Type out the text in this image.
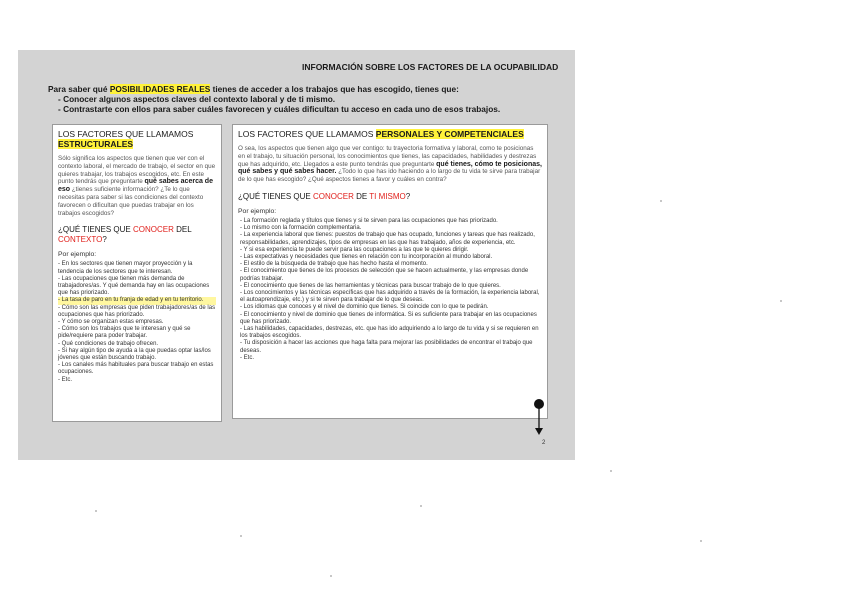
INFORMACIÓN SOBRE LOS FACTORES DE LA OCUPABILIDAD
Para saber qué POSIBILIDADES REALES tienes de acceder a los trabajos que has escogido, tienes que:
- Conocer algunos aspectos claves del contexto laboral y de ti mismo.
- Contrastarte con ellos para saber cuáles favorecen y cuáles dificultan tu acceso en cada uno de esos trabajos.
LOS FACTORES QUE LLAMAMOS ESTRUCTURALES
Sólo significa los aspectos que tienen que ver con el contexto laboral, el mercado de trabajo, el sector en que quieres trabajar, los trabajos escogidos, etc. En este punto tendrás que preguntarte qué sabes acerca de eso ¿tienes suficiente información? ¿Te lo que necesitas para saber si las condiciones del contexto favorecen o dificultan que puedas trabajar en los trabajos escogidos?
¿QUÉ TIENES QUE CONOCER DEL CONTEXTO?
Por ejemplo:
- En los sectores que tienen mayor proyección y la tendencia de los sectores que te interesan.
- Las ocupaciones que tienen más demanda de trabajadores/as. Y qué demanda hay en las ocupaciones que has priorizado.
- La tasa de paro en tu franja de edad y en tu territorio.
- Cómo son las empresas que piden trabajadores/as de las ocupaciones que has priorizado.
- Y cómo se organizan estas empresas.
- Cómo son los trabajos que te interesan y qué se pide/requiere para poder trabajar.
- Qué condiciones de trabajo ofrecen.
- Si hay algún tipo de ayuda a la que puedas optar las/los jóvenes que están buscando trabajo.
- Los canales más habituales para buscar trabajo en estas ocupaciones.
- Etc.
LOS FACTORES QUE LLAMAMOS PERSONALES Y COMPETENCIALES
O sea, los aspectos que tienen algo que ver contigo: tu trayectoria formativa y laboral, como te posicionas en el trabajo, tu situación personal, los conocimientos que tienes, las capacidades, habilidades y destrezas que has adquirido, etc. Llegados a este punto tendrás que preguntarte qué tienes, cómo te posicionas, qué sabes y qué sabes hacer. ¿Todo lo que has ido haciendo a lo largo de tu vida te sirve para trabajar de lo que has escogido? ¿Qué aspectos tienes a favor y cuáles en contra?
¿QUÉ TIENES QUE CONOCER DE TI MISMO?
Por ejemplo:
- La formación reglada y títulos que tienes y si te sirven para las ocupaciones que has priorizado.
- Lo mismo con la formación complementaria.
- La experiencia laboral que tienes: puestos de trabajo que has ocupado, funciones y tareas que has realizado, responsabilidades, aprendizajes, tipos de empresas en las que has trabajado, años de experiencia, etc.
- Y si esa experiencia te puede servir para las ocupaciones a las que te quieres dirigir.
- Las expectativas y necesidades que tienes en relación con tu incorporación al mundo laboral.
- El estilo de la búsqueda de trabajo que has hecho hasta el momento.
- El conocimiento que tienes de los procesos de selección que se hacen actualmente, y las empresas donde podrías trabajar.
- El conocimiento que tienes de las herramientas y técnicas para buscar trabajo de lo que quieres.
- Los conocimientos y las técnicas específicas que has adquirido a través de la formación, la experiencia laboral, el autoaprendizaje, etc.) y si te sirven para trabajar de lo que deseas.
- Los idiomas que conoces y el nivel de dominio que tienes. Si coincide con lo que te pedirán.
- El conocimiento y nivel de dominio que tienes de informática. Si es suficiente para trabajar en las ocupaciones que has priorizado.
- Las habilidades, capacidades, destrezas, etc. que has ido adquiriendo a lo largo de tu vida y si se requieren en los trabajos escogidos.
- Tu disposición a hacer las acciones que haga falta para mejorar las posibilidades de encontrar el trabajo que deseas.
- Etc.
2
